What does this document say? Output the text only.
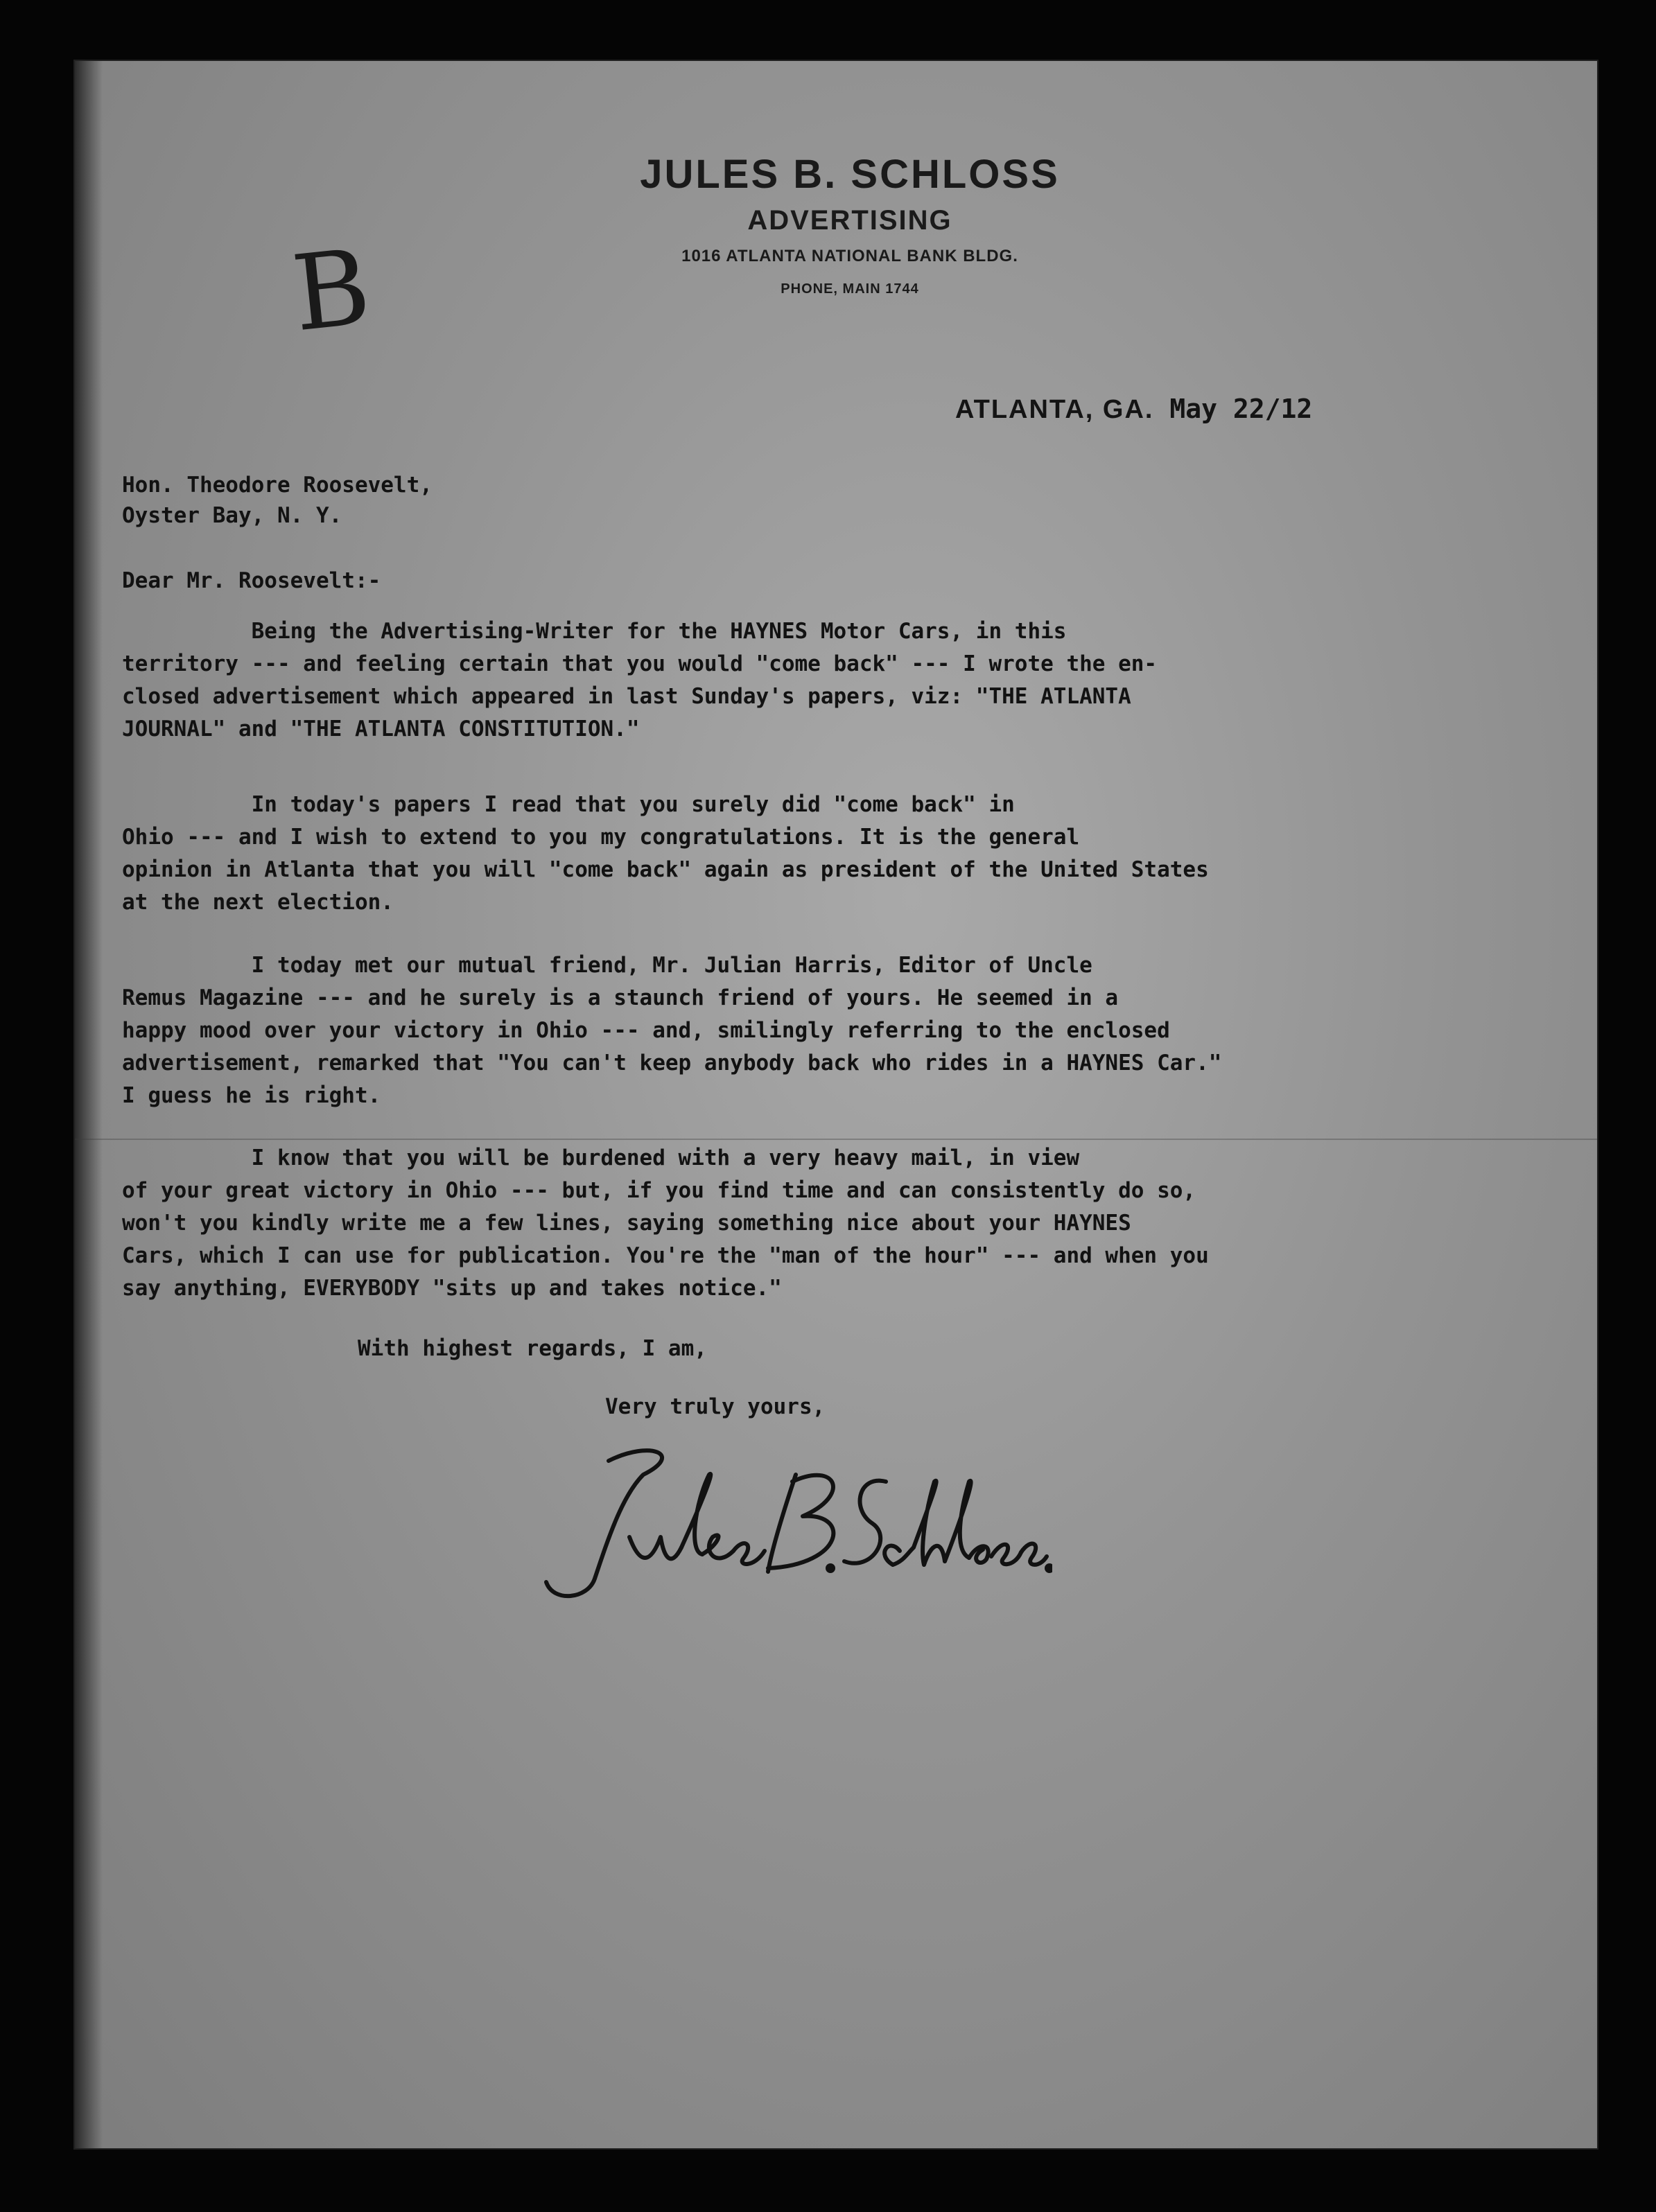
JULES B. SCHLOSS
ADVERTISING
1016 ATLANTA NATIONAL BANK BLDG.
PHONE, MAIN 1744
B
ATLANTA, GA. May 22/12
Hon. Theodore Roosevelt,
Oyster Bay, N. Y.
Dear Mr. Roosevelt:-
Being the Advertising-Writer for the HAYNES Motor Cars, in this
territory --- and feeling certain that you would "come back" --- I wrote the en-
closed advertisement which appeared in last Sunday's papers, viz: "THE ATLANTA
JOURNAL" and "THE ATLANTA CONSTITUTION."
In today's papers I read that you surely did "come back" in
Ohio --- and I wish to extend to you my congratulations. It is the general
opinion in Atlanta that you will "come back" again as president of the United States
at the next election.
I today met our mutual friend, Mr. Julian Harris, Editor of Uncle
Remus Magazine --- and he surely is a staunch friend of yours. He seemed in a
happy mood over your victory in Ohio --- and, smilingly referring to the enclosed
advertisement, remarked that "You can't keep anybody back who rides in a HAYNES Car."
I guess he is right.
I know that you will be burdened with a very heavy mail, in view
of your great victory in Ohio --- but, if you find time and can consistently do so,
won't you kindly write me a few lines, saying something nice about your HAYNES
Cars, which I can use for publication. You're the "man of the hour" --- and when you
say anything, EVERYBODY "sits up and takes notice."
With highest regards, I am,
Very truly yours,
